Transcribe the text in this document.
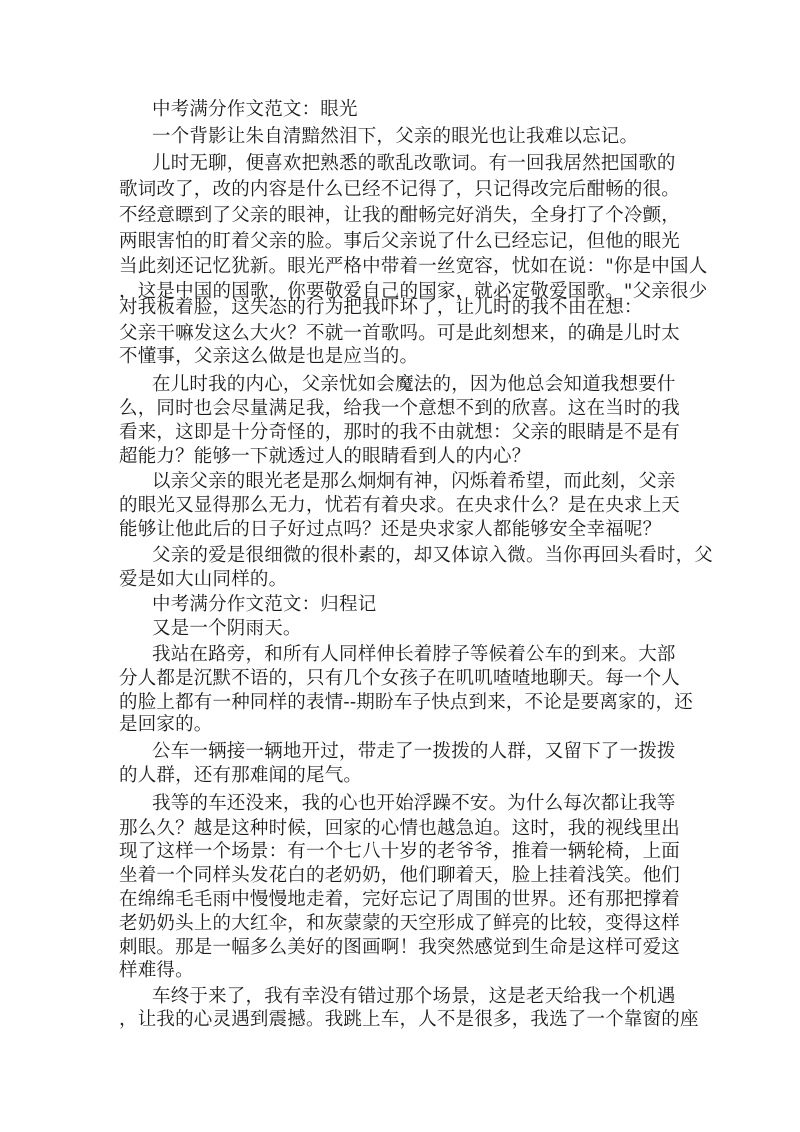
中考满分作文范文：眼光
一个背影让朱自清黯然泪下，父亲的眼光也让我难以忘记。
儿时无聊，便喜欢把熟悉的歌乱改歌词。有一回我居然把国歌的
歌词改了，改的内容是什么已经不记得了，只记得改完后酣畅的很。
不经意瞟到了父亲的眼神，让我的酣畅完好消失，全身打了个冷颤，
两眼害怕的盯着父亲的脸。事后父亲说了什么已经忘记，但他的眼光
当此刻还记忆犹新。眼光严格中带着一丝宽容，忧如在说："你是中国人
，这是中国的国歌，你要敬爱自己的国家，就必定敬爱国歌。"父亲很少
对我板着脸，这失态的行为把我吓坏了，让儿时的我不由在想：
父亲干嘛发这么大火？不就一首歌吗。可是此刻想来，的确是儿时太
不懂事，父亲这么做是也是应当的。
在儿时我的内心，父亲忧如会魔法的，因为他总会知道我想要什
么，同时也会尽量满足我，给我一个意想不到的欣喜。这在当时的我
看来，这即是十分奇怪的，那时的我不由就想：父亲的眼睛是不是有
超能力？能够一下就透过人的眼睛看到人的内心？
以亲父亲的眼光老是那么炯炯有神，闪烁着希望，而此刻，父亲
的眼光又显得那么无力，忧若有着央求。在央求什么？是在央求上天
能够让他此后的日子好过点吗？还是央求家人都能够安全幸福呢？
父亲的爱是很细微的很朴素的，却又体谅入微。当你再回头看时，父
爱是如大山同样的。
中考满分作文范文：归程记
又是一个阴雨天。
我站在路旁，和所有人同样伸长着脖子等候着公车的到来。大部
分人都是沉默不语的，只有几个女孩子在叽叽喳喳地聊天。每一个人
的脸上都有一种同样的表情--期盼车子快点到来，不论是要离家的，还
是回家的。
公车一辆接一辆地开过，带走了一拨拨的人群，又留下了一拨拨
的人群，还有那难闻的尾气。
我等的车还没来，我的心也开始浮躁不安。为什么每次都让我等
那么久？越是这种时候，回家的心情也越急迫。这时，我的视线里出
现了这样一个场景：有一个七八十岁的老爷爷，推着一辆轮椅，上面
坐着一个同样头发花白的老奶奶，他们聊着天，脸上挂着浅笑。他们
在绵绵毛毛雨中慢慢地走着，完好忘记了周围的世界。还有那把撑着
老奶奶头上的大红伞，和灰蒙蒙的天空形成了鲜亮的比较，变得这样
刺眼。那是一幅多么美好的图画啊！我突然感觉到生命是这样可爱这
样难得。
车终于来了，我有幸没有错过那个场景，这是老天给我一个机遇
，让我的心灵遇到震撼。我跳上车，人不是很多，我选了一个靠窗的座
